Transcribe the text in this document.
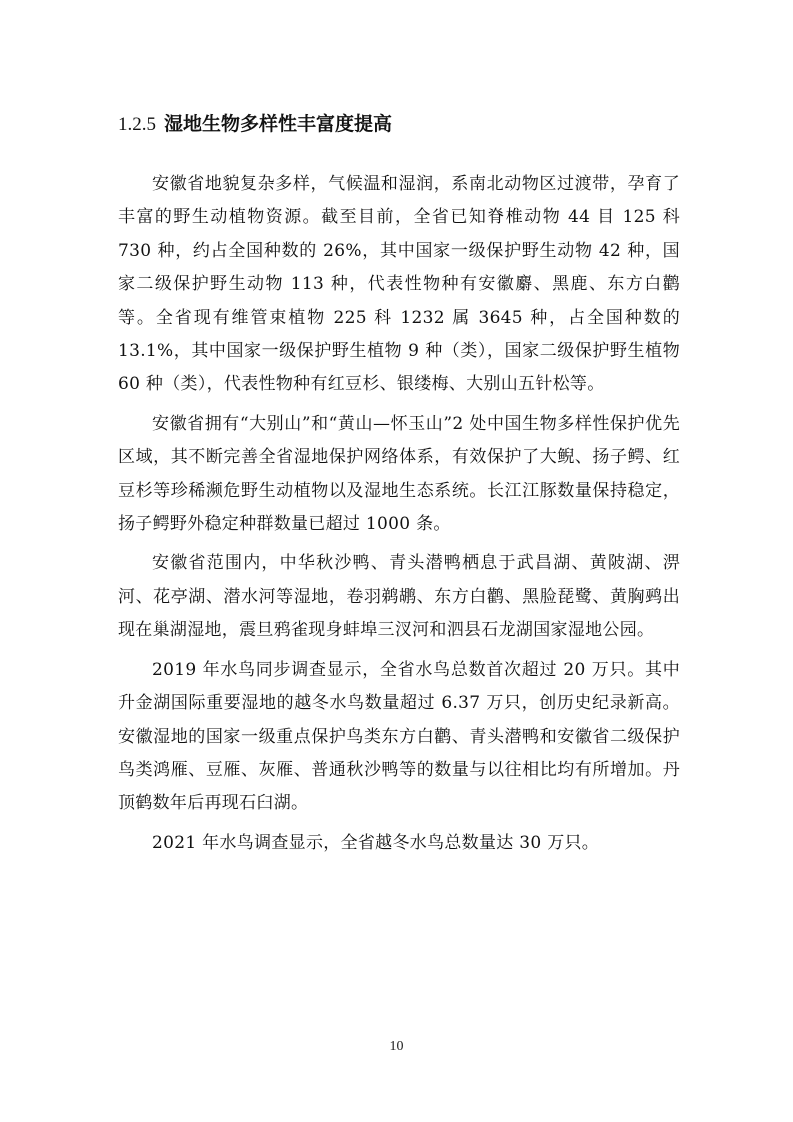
1.2.5 湿地生物多样性丰富度提高

安徽省地貌复杂多样，气候温和湿润，系南北动物区过渡带，孕育了丰富的野生动植物资源。截至目前，全省已知脊椎动物 44 目 125 科 730 种，约占全国种数的 26%，其中国家一级保护野生动物 42 种，国家二级保护野生动物 113 种，代表性物种有安徽麝、黑鹿、东方白鹳等。全省现有维管束植物 225 科 1232 属 3645 种，占全国种数的 13.1%，其中国家一级保护野生植物 9 种（类），国家二级保护野生植物 60 种（类），代表性物种有红豆杉、银缕梅、大别山五针松等。

安徽省拥有“大别山”和“黄山—怀玉山”2 处中国生物多样性保护优先区域，其不断完善全省湿地保护网络体系，有效保护了大鲵、扬子鳄、红豆杉等珍稀濒危野生动植物以及湿地生态系统。长江江豚数量保持稳定，扬子鳄野外稳定种群数量已超过 1000 条。

安徽省范围内，中华秋沙鸭、青头潜鸭栖息于武昌湖、黄陂湖、淠河、花亭湖、潜水河等湿地，卷羽鹈鹕、东方白鹳、黑脸琵鹭、黄胸鹀出现在巢湖湿地，震旦鸦雀现身蚌埠三汊河和泗县石龙湖国家湿地公园。

2019 年水鸟同步调查显示，全省水鸟总数首次超过 20 万只。其中升金湖国际重要湿地的越冬水鸟数量超过 6.37 万只，创历史纪录新高。安徽湿地的国家一级重点保护鸟类东方白鹳、青头潜鸭和安徽省二级保护鸟类鸿雁、豆雁、灰雁、普通秋沙鸭等的数量与以往相比均有所增加。丹顶鹤数年后再现石臼湖。

2021 年水鸟调查显示，全省越冬水鸟总数量达 30 万只。

10
